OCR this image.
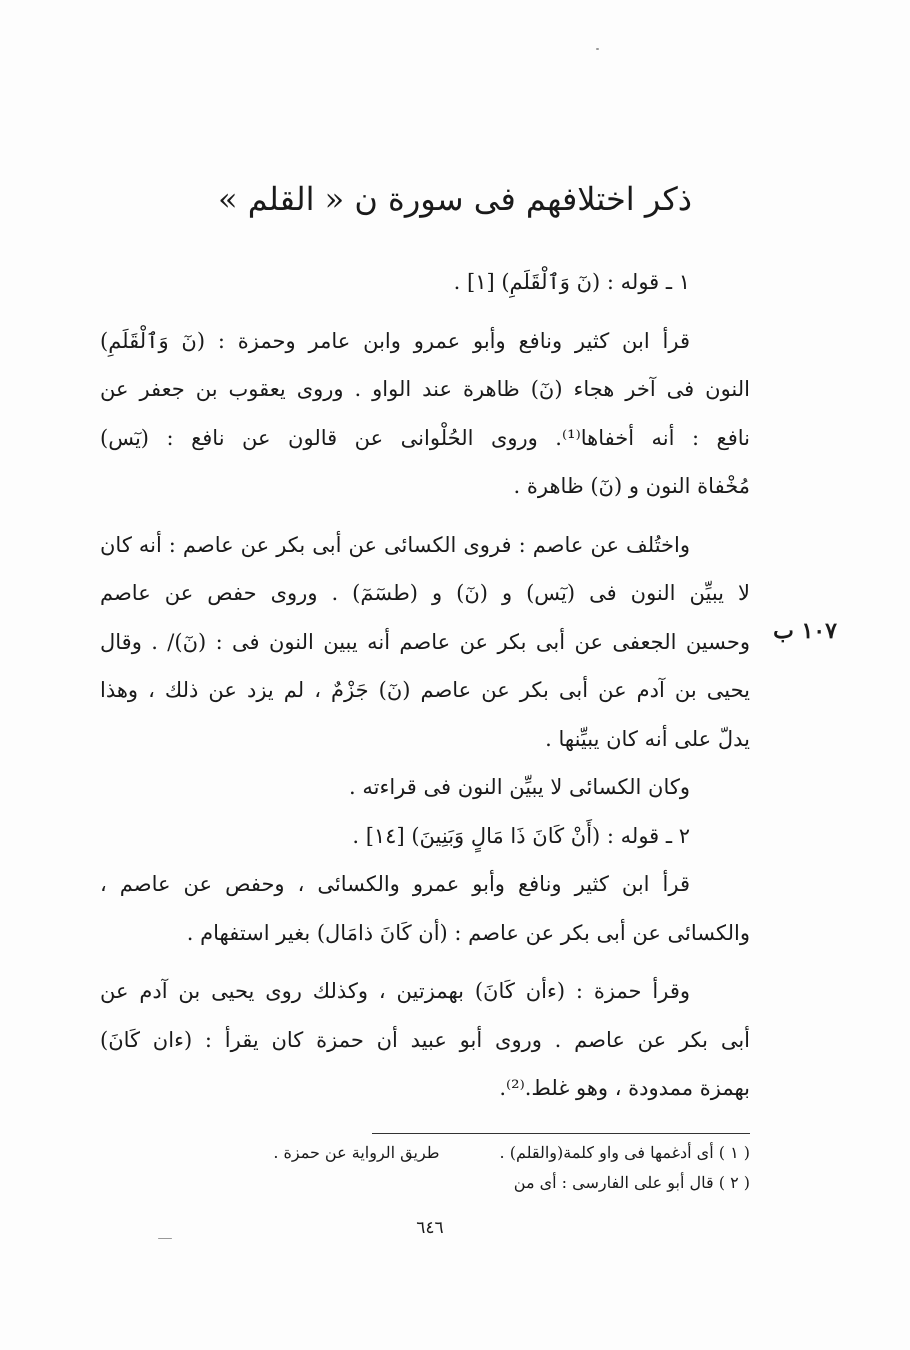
ذكر اختلافهم فى سورة ن « القلم »
١٠٧ ب
١ ـ قوله : (نٓ وَٱلْقَلَمِ) [١] .
قرأ ابن كثير ونافع وأبو عمرو وابن عامر وحمزة : (نٓ وَٱلْقَلَمِ)
النون فى آخر هجاء (نٓ) ظاهرة عند الواو . وروى يعقوب بن جعفر عن
نافع : أنه أخفاها⁽¹⁾. وروى الحُلْوانى عن قالون عن نافع : (يٓس)
مُخْفاة النون و (نٓ) ظاهرة .
واختُلف عن عاصم : فروى الكسائى عن أبى بكر عن عاصم : أنه كان
لا يبيِّن النون فى (يٓس) و (نٓ) و (طسٓمٓ) . وروى حفص عن عاصم
وحسين الجعفى عن أبى بكر عن عاصم أنه يبين النون فى : (نٓ)/ . وقال
يحيى بن آدم عن أبى بكر عن عاصم (نٓ) جَزْمٌ ، لم يزد عن ذلك ، وهذا
يدلّ على أنه كان يبيِّنها .
وكان الكسائى لا يبيِّن النون فى قراءته .
٢ ـ قوله : (أَنْ كَانَ ذَا مَالٍ وَبَنِينَ) [١٤] .
قرأ ابن كثير ونافع وأبو عمرو والكسائى ، وحفص عن عاصم ،
والكسائى عن أبى بكر عن عاصم : (أن كَانَ ذامَال) بغير استفهام .
وقرأ حمزة : (ءأن كَانَ) بهمزتين ، وكذلك روى يحيى بن آدم عن
أبى بكر عن عاصم . وروى أبو عبيد أن حمزة كان يقرأ : (ءان كَانَ)
بهمزة ممدودة ، وهو غلط.⁽²⁾.
( ١ ) أى أدغمها فى واو كلمة(والقلم) .
طريق الرواية عن حمزة .
( ٢ ) قال أبو على الفارسى : أى من
٦٤٦
